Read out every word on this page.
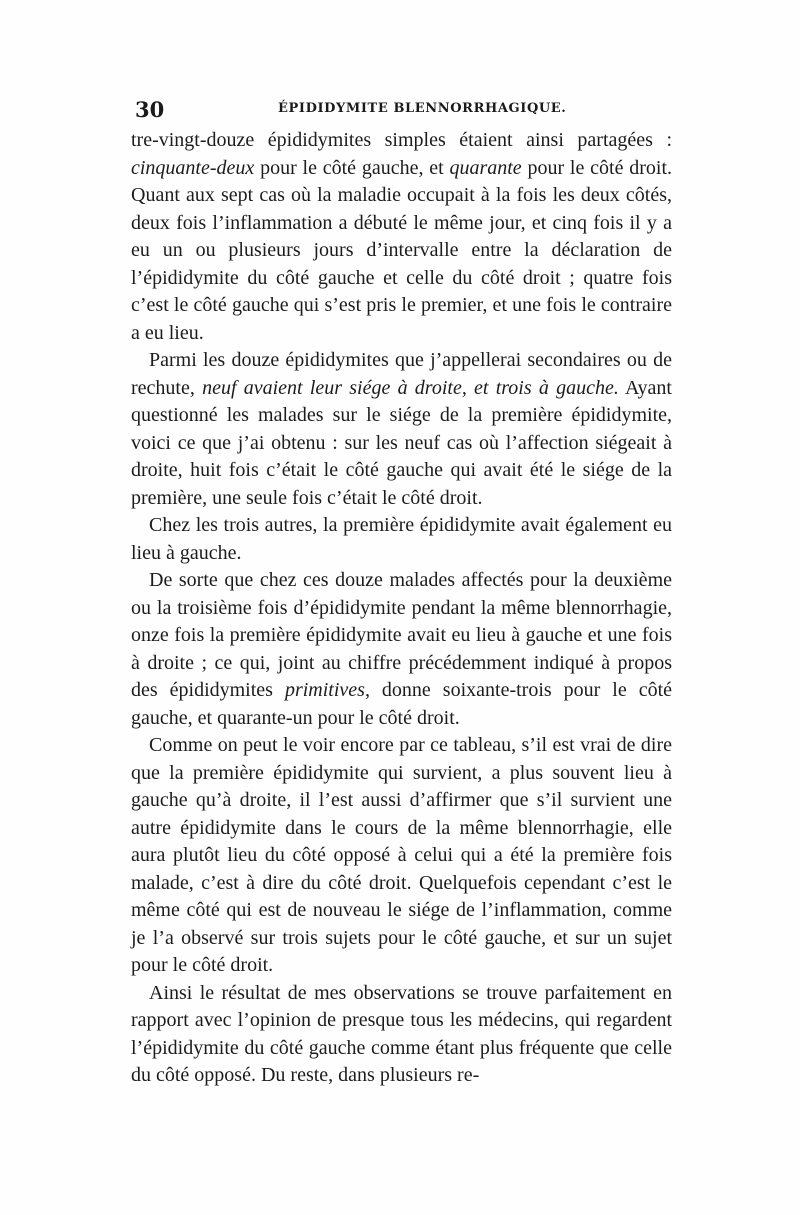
30	ÉPIDIDYMITE BLENNORRHAGIQUE.

tre-vingt-douze épididymites simples étaient ainsi partagées : cinquante-deux pour le côté gauche, et quarante pour le côté droit. Quant aux sept cas où la maladie occupait à la fois les deux côtés, deux fois l’inflammation a débuté le même jour, et cinq fois il y a eu un ou plusieurs jours d’intervalle entre la déclaration de l’épididymite du côté gauche et celle du côté droit ; quatre fois c’est le côté gauche qui s’est pris le premier, et une fois le contraire a eu lieu.

Parmi les douze épididymites que j’appellerai secondaires ou de rechute, neuf avaient leur siége à droite, et trois à gauche. Ayant questionné les malades sur le siége de la première épididymite, voici ce que j’ai obtenu : sur les neuf cas où l’affection siégeait à droite, huit fois c’était le côté gauche qui avait été le siége de la première, une seule fois c’était le côté droit.

Chez les trois autres, la première épididymite avait également eu lieu à gauche.

De sorte que chez ces douze malades affectés pour la deuxième ou la troisième fois d’épididymite pendant la même blennorrhagie, onze fois la première épididymite avait eu lieu à gauche et une fois à droite ; ce qui, joint au chiffre précédemment indiqué à propos des épididymites primitives, donne soixante-trois pour le côté gauche, et quarante-un pour le côté droit.

Comme on peut le voir encore par ce tableau, s’il est vrai de dire que la première épididymite qui survient, a plus souvent lieu à gauche qu’à droite, il l’est aussi d’affirmer que s’il survient une autre épididymite dans le cours de la même blennorrhagie, elle aura plutôt lieu du côté opposé à celui qui a été la première fois malade, c’est à dire du côté droit. Quelquefois cependant c’est le même côté qui est de nouveau le siége de l’inflammation, comme je l’a observé sur trois sujets pour le côté gauche, et sur un sujet pour le côté droit.

Ainsi le résultat de mes observations se trouve parfaitement en rapport avec l’opinion de presque tous les médecins, qui regardent l’épididymite du côté gauche comme étant plus fréquente que celle du côté opposé. Du reste, dans plusieurs re-
